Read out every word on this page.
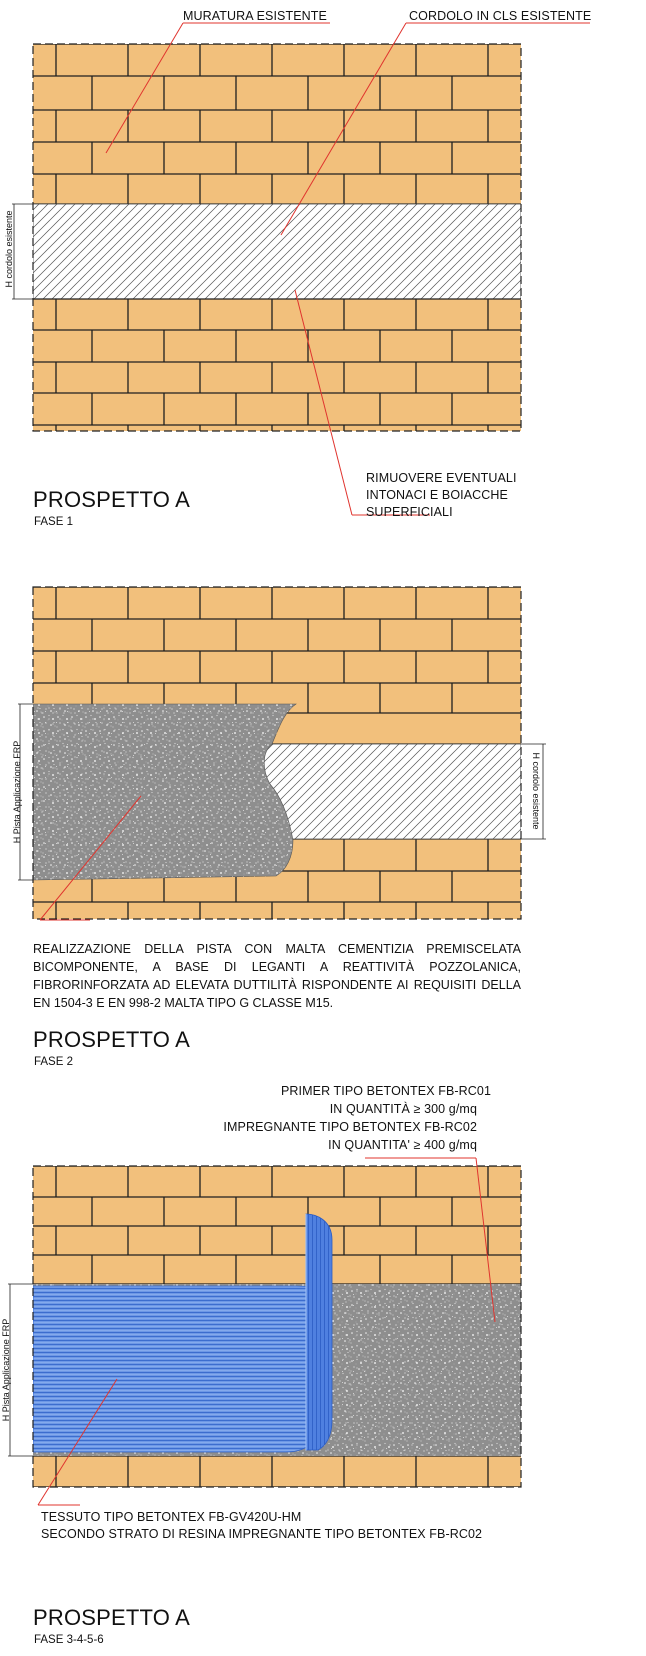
MURATURA ESISTENTE	CORDOLO IN CLS ESISTENTE
H cordolo esistente
RIMUOVERE EVENTUALI
INTONACI E BOIACCHE
SUPERFICIALI
PROSPETTO A
FASE 1
H Pista Applicazione FRP	H cordolo esistente
REALIZZAZIONE DELLA PISTA CON MALTA CEMENTIZIA PREMISCELATA BICOMPONENTE, A BASE DI LEGANTI A REATTIVITÀ POZZOLANICA, FIBRORINFORZATA AD ELEVATA DUTTILITÀ RISPONDENTE AI REQUISITI DELLA EN 1504-3 E EN 998-2 MALTA TIPO G CLASSE M15.
PROSPETTO A
FASE 2
PRIMER TIPO BETONTEX FB-RC01
IN QUANTITÀ ≥ 300 g/mq
IMPREGNANTE TIPO BETONTEX FB-RC02
IN QUANTITA' ≥ 400 g/mq
H Pista Applicazione FRP
TESSUTO TIPO BETONTEX FB-GV420U-HM
SECONDO STRATO DI RESINA IMPREGNANTE TIPO BETONTEX FB-RC02
PROSPETTO A
FASE 3-4-5-6
